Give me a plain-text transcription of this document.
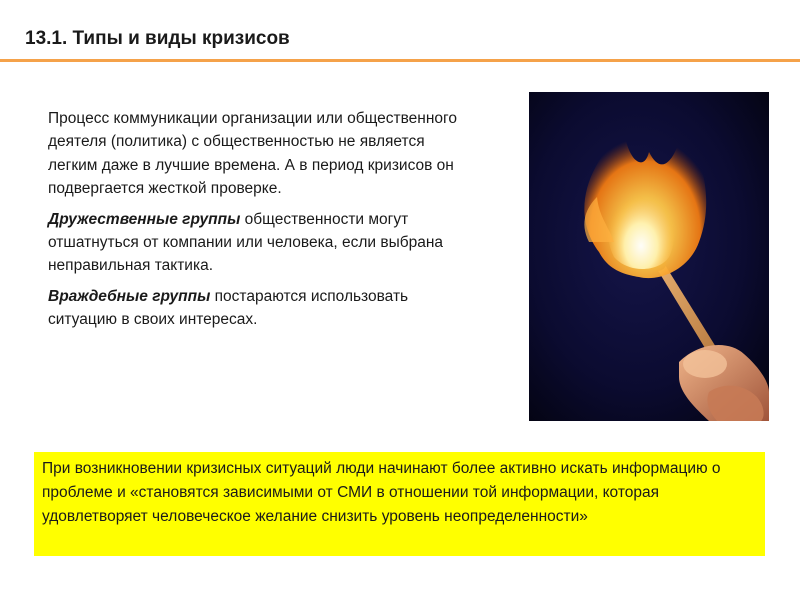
13.1. Типы и виды кризисов

Процесс коммуникации организации или общественного деятеля (политика) с общественностью не является легким даже в лучшие времена. А в период кризисов он подвергается жесткой проверке.

Дружественные группы общественности могут отшатнуться от компании или человека, если выбрана неправильная тактика.

Враждебные группы постараются использовать ситуацию в своих интересах.

При возникновении кризисных ситуаций люди начинают более активно искать информацию о проблеме и «становятся зависимыми от СМИ в отношении той информации, которая удовлетворяет человеческое желание снизить уровень неопределенности»
